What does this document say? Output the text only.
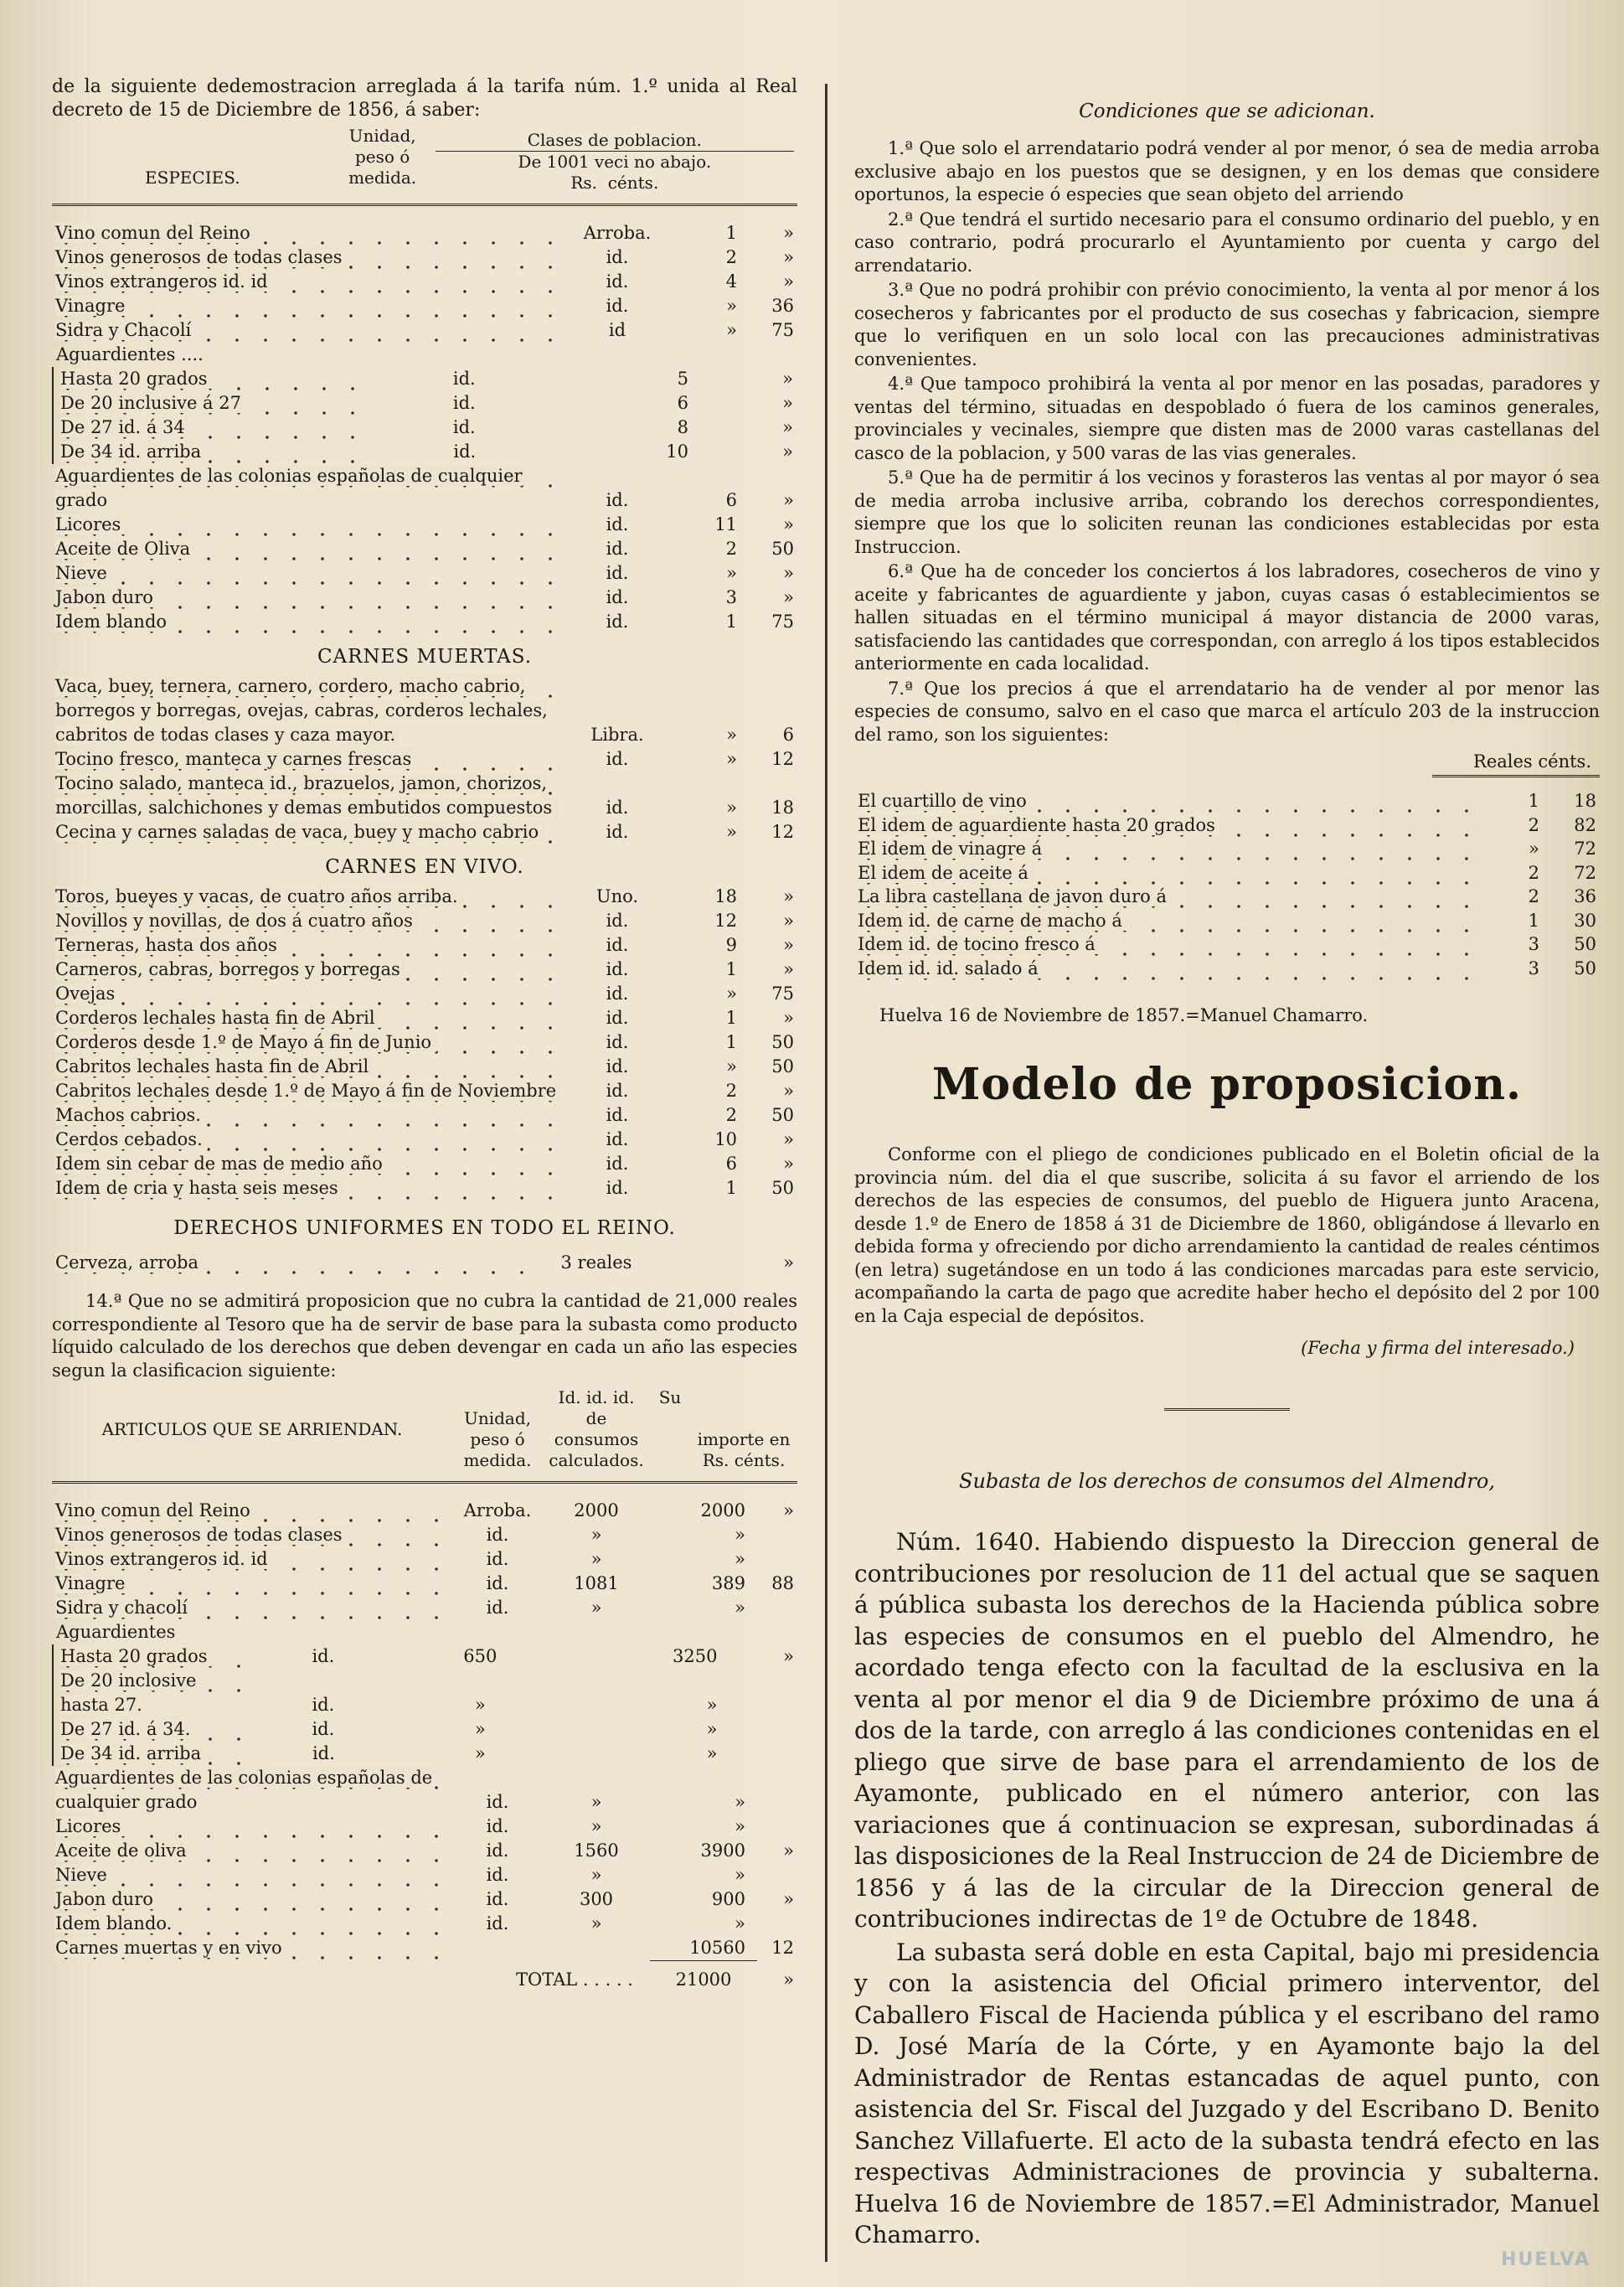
de la siguiente dedemostracion arreglada á la tarifa núm. 1.º unida al Real decreto de 15 de Diciembre de 1856, á saber:
ESPECIES.	Unidad, peso ó medida.	Clases de poblacion.
De 1001 veci no abajo.
Rs. cénts.	

Vino comun del Reino	Arroba.	1	»
Vinos generosos de todas clases	id.	2	»
Vinos extrangeros id. id	id.	4	»
Vinagre	id.	»	36
Sidra y Chacolí	id	»	75
Aguardientes ....			
Hasta 20 grados	id.	5	»
De 20 inclusive á 27	id.	6	»
De 27 id. á 34	id.	8	»
De 34 id. arriba	id.	10	»
Aguardientes de las colonias españolas de cualquier grado	id.	6	»
Licores	id.	11	»
Aceite de Oliva	id.	2	50
Nieve	id.	»	»
Jabon duro	id.	3	»
Idem blando	id.	1	75
CARNES MUERTAS.
Vaca, buey, ternera, carnero, cordero, macho cabrio, borregos y borregas, ovejas, cabras, corderos lechales, cabritos de todas clases y caza mayor.	Libra.	»	6
Tocino fresco, manteca y carnes frescas	id.	»	12
Tocino salado, manteca id., brazuelos, jamon, chorizos, morcillas, salchichones y demas embutidos compuestos	id.	»	18
Cecina y carnes saladas de vaca, buey y macho cabrio	id.	»	12
CARNES EN VIVO.
Toros, bueyes y vacas, de cuatro años arriba.	Uno.	18	»
Novillos y novillas, de dos á cuatro años	id.	12	»
Terneras, hasta dos años	id.	9	»
Carneros, cabras, borregos y borregas	id.	1	»
Ovejas	id.	»	75
Corderos lechales hasta fin de Abril	id.	1	»
Corderos desde 1.º de Mayo á fin de Junio	id.	1	50
Cabritos lechales hasta fin de Abril	id.	»	50
Cabritos lechales desde 1.º de Mayo á fin de Noviembre	id.	2	»
Machos cabrios.	id.	2	50
Cerdos cebados.	id.	10	»
Idem sin cebar de mas de medio año	id.	6	»
Idem de cria y hasta seis meses	id.	1	50
DERECHOS UNIFORMES EN TODO EL REINO.
Cerveza, arroba	3 reales		»

14.ª Que no se admitirá proposicion que no cubra la cantidad de 21,000 reales correspondiente al Tesoro que ha de servir de base para la subasta como producto líquido calculado de los derechos que deben devengar en cada un año las especies segun la clasificacion siguiente:

ARTICULOS QUE SE ARRIENDAN.	Unidad, peso ó medida.	Id. id. id. de consumos calculados.	Su	importe en
Rs. cénts.

Vino comun del Reino	Arroba.	2000	2000	»
Vinos generosos de todas clases	id.	»	»	
Vinos extrangeros id. id	id.	»	»	
Vinagre	id.	1081	389	88
Sidra y chacolí	id.	»	»	
Aguardientes				
Hasta 20 grados	id.	650	3250	»
De 20 inclosive hasta 27.	id.	»	»	
De 27 id. á 34.	id.	»	»	
De 34 id. arriba	id.	»	»	
Aguardientes de las colonias españolas de cualquier grado	id.	»	»	
Licores	id.	»	»	
Aceite de oliva	id.	1560	3900	»
Nieve	id.	»	»	
Jabon duro	id.	300	900	»
Idem blando.	id.	»	»	
Carnes muertas y en vivo			10560	12
TOTAL . . . . .	21000	»
Condiciones que se adicionan.

1.ª Que solo el arrendatario podrá vender al por menor, ó sea de media arroba exclusive abajo en los puestos que se designen, y en los demas que considere oportunos, la especie ó especies que sean objeto del arriendo

2.ª Que tendrá el surtido necesario para el consumo ordinario del pueblo, y en caso contrario, podrá procurarlo el Ayuntamiento por cuenta y cargo del arrendatario.

3.ª Que no podrá prohibir con prévio conocimiento, la venta al por menor á los cosecheros y fabricantes por el producto de sus cosechas y fabricacion, siempre que lo verifiquen en un solo local con las precauciones administrativas convenientes.

4.ª Que tampoco prohibirá la venta al por menor en las posadas, paradores y ventas del término, situadas en despoblado ó fuera de los caminos generales, provinciales y vecinales, siempre que disten mas de 2000 varas castellanas del casco de la poblacion, y 500 varas de las vias generales.

5.ª Que ha de permitir á los vecinos y forasteros las ventas al por mayor ó sea de media arroba inclusive arriba, cobrando los derechos correspondientes, siempre que los que lo soliciten reunan las condiciones establecidas por esta Instruccion.

6.ª Que ha de conceder los conciertos á los labradores, cosecheros de vino y aceite y fabricantes de aguardiente y jabon, cuyas casas ó establecimientos se hallen situadas en el término municipal á mayor distancia de 2000 varas, satisfaciendo las cantidades que correspondan, con arreglo á los tipos establecidos anteriormente en cada localidad.

7.ª Que los precios á que el arrendatario ha de vender al por menor las especies de consumo, salvo en el caso que marca el artículo 203 de la instruccion del ramo, son los siguientes:

Reales cénts.
El cuartillo de vino	1	18
El idem de aguardiente hasta 20 grados	2	82
El idem de vinagre á	»	72
El idem de aceite á	2	72
La libra castellana de javon duro á	2	36
Idem id. de carne de macho á	1	30
Idem id. de tocino fresco á	3	50
Idem id. id. salado á	3	50
Huelva 16 de Noviembre de 1857.=Manuel Chamarro.
Modelo de proposicion.

Conforme con el pliego de condiciones publicado en el Boletin oficial de la provincia núm. del dia el que suscribe, solicita á su favor el arriendo de los derechos de las especies de consumos, del pueblo de Higuera junto Aracena, desde 1.º de Enero de 1858 á 31 de Diciembre de 1860, obligándose á llevarlo en debida forma y ofreciendo por dicho arrendamiento la cantidad de reales céntimos (en letra) sugetándose en un todo á las condiciones marcadas para este servicio, acompañando la carta de pago que acredite haber hecho el depósito del 2 por 100 en la Caja especial de depósitos.

(Fecha y firma del interesado.)
Subasta de los derechos de consumos del Almendro,

Núm. 1640. Habiendo dispuesto la Direccion general de contribuciones por resolucion de 11 del actual que se saquen á pública subasta los derechos de la Hacienda pública sobre las especies de consumos en el pueblo del Almendro, he acordado tenga efecto con la facultad de la esclusiva en la venta al por menor el dia 9 de Diciembre próximo de una á dos de la tarde, con arreglo á las condiciones contenidas en el pliego que sirve de base para el arrendamiento de los de Ayamonte, publicado en el número anterior, con las variaciones que á continuacion se expresan, subordinadas á las disposiciones de la Real Instruccion de 24 de Diciembre de 1856 y á las de la circular de la Direccion general de contribuciones indirectas de 1º de Octubre de 1848.

La subasta será doble en esta Capital, bajo mi presidencia y con la asistencia del Oficial primero interventor, del Caballero Fiscal de Hacienda pública y el escribano del ramo D. José María de la Córte, y en Ayamonte bajo la del Administrador de Rentas estancadas de aquel punto, con asistencia del Sr. Fiscal del Juzgado y del Escribano D. Benito Sanchez Villafuerte. El acto de la subasta tendrá efecto en las respectivas Administraciones de provincia y subalterna. Huelva 16 de Noviembre de 1857.=El Administrador, Manuel Chamarro.

HUELVA
